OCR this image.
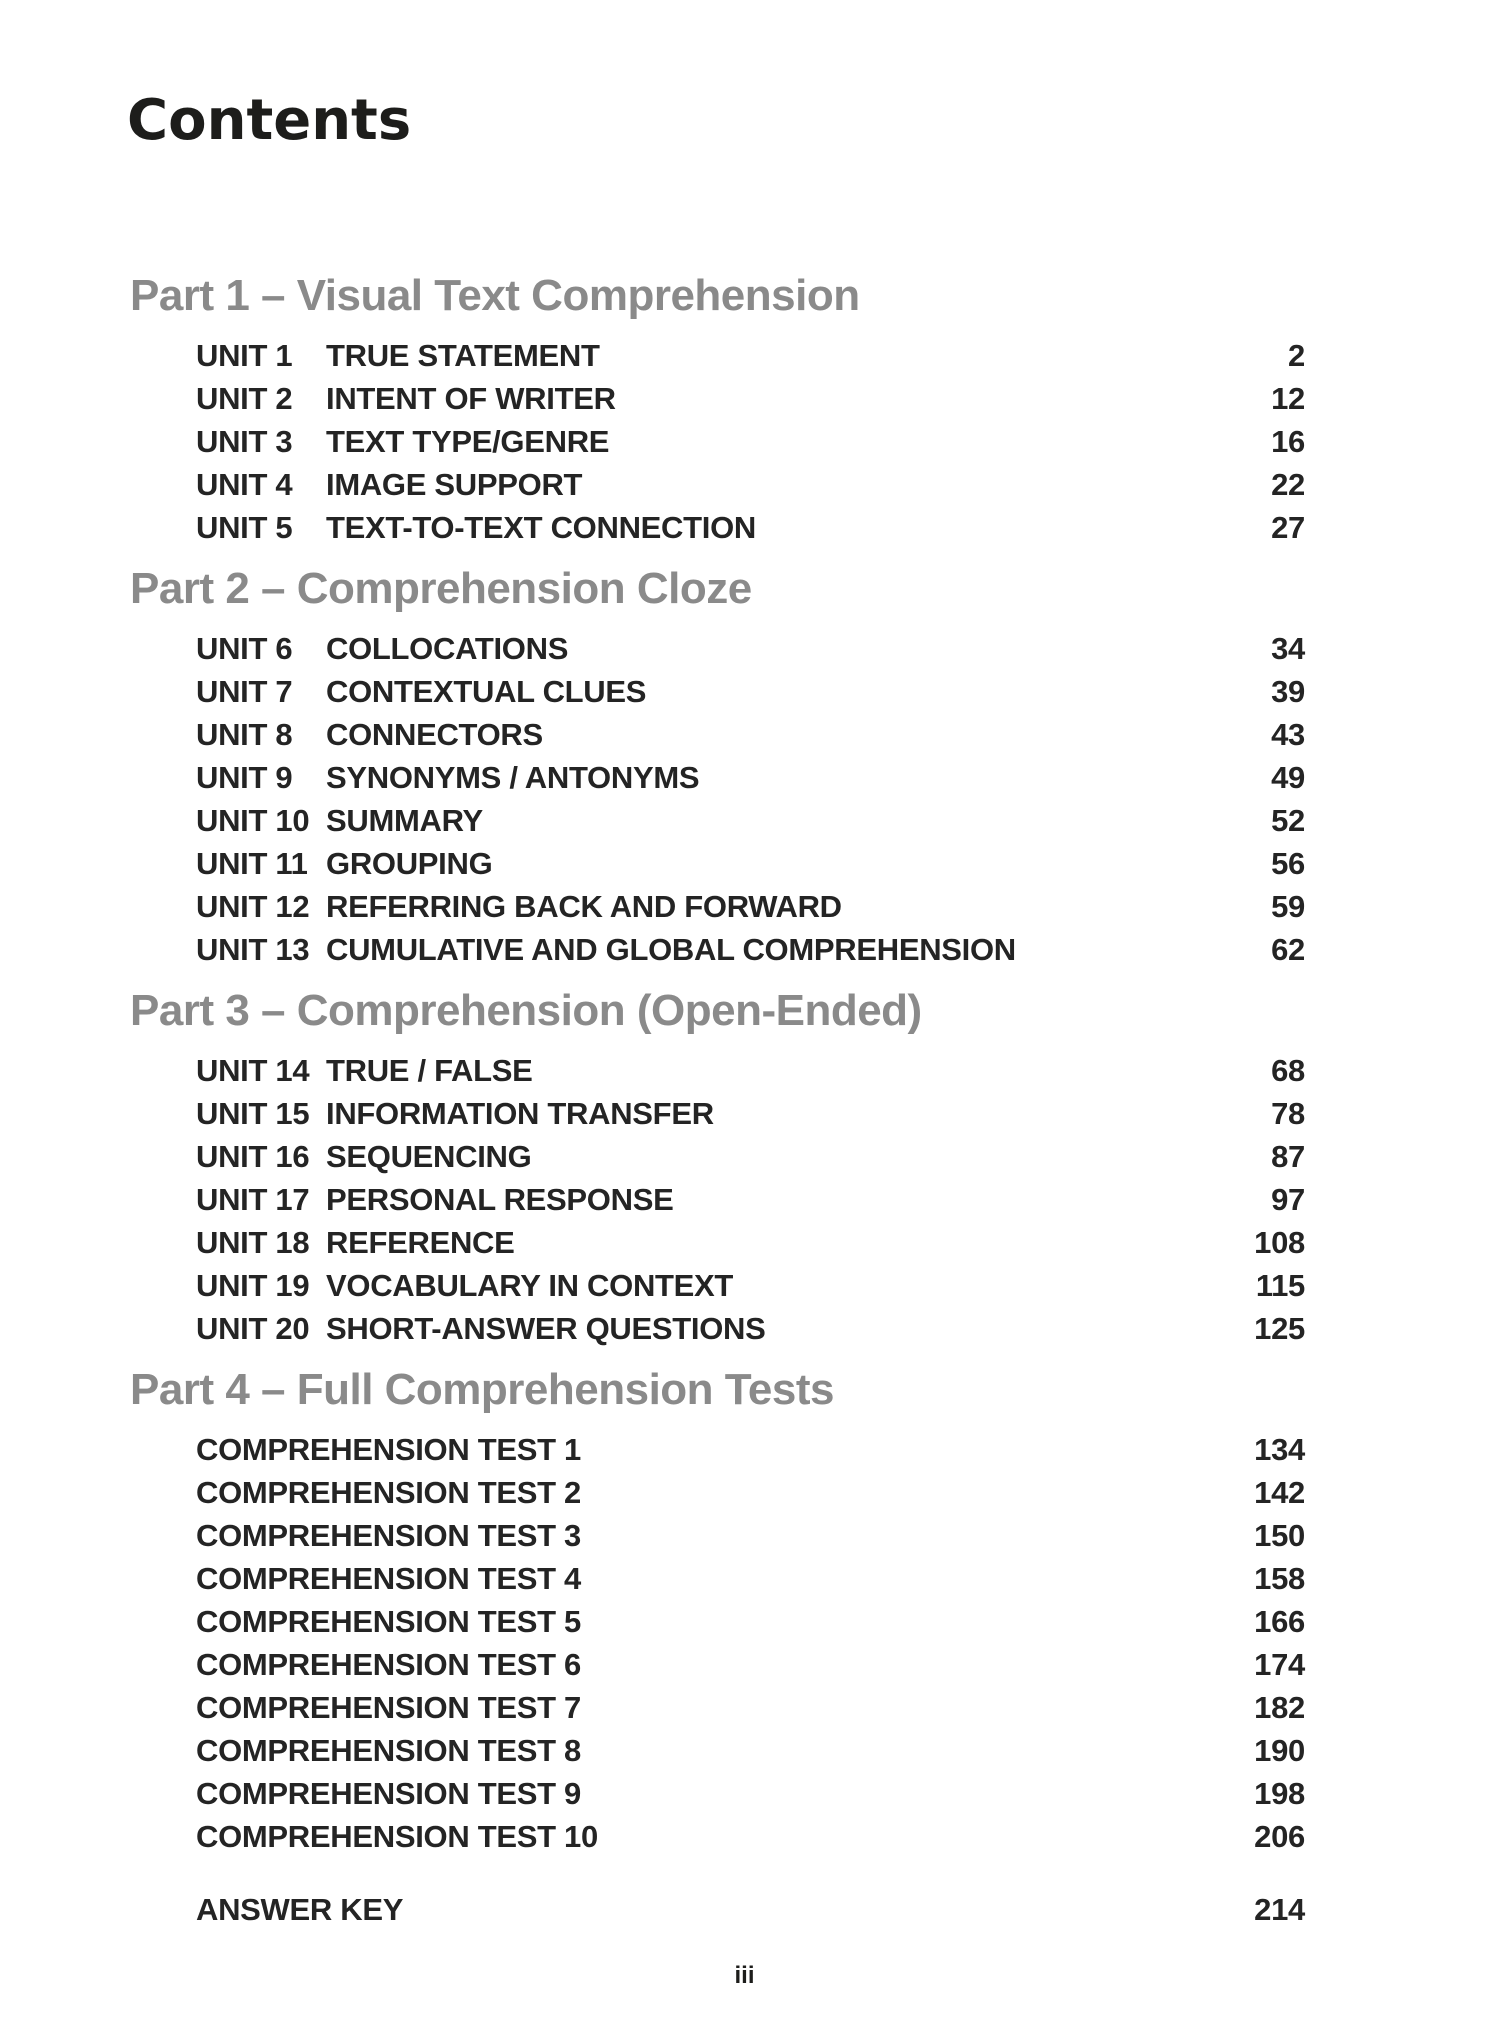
Contents
Part 1 – Visual Text Comprehension
UNIT 1	TRUE STATEMENT	2
UNIT 2	INTENT OF WRITER	12
UNIT 3	TEXT TYPE/GENRE	16
UNIT 4	IMAGE SUPPORT	22
UNIT 5	TEXT-TO-TEXT CONNECTION	27
Part 2 – Comprehension Cloze
UNIT 6	COLLOCATIONS	34
UNIT 7	CONTEXTUAL CLUES	39
UNIT 8	CONNECTORS	43
UNIT 9	SYNONYMS / ANTONYMS	49
UNIT 10 SUMMARY	52
UNIT 11 GROUPING	56
UNIT 12 REFERRING BACK AND FORWARD	59
UNIT 13 CUMULATIVE AND GLOBAL COMPREHENSION	62
Part 3 – Comprehension (Open-Ended)
UNIT 14 TRUE / FALSE	68
UNIT 15 INFORMATION TRANSFER	78
UNIT 16 SEQUENCING	87
UNIT 17 PERSONAL RESPONSE	97
UNIT 18 REFERENCE	108
UNIT 19 VOCABULARY IN CONTEXT	115
UNIT 20 SHORT-ANSWER QUESTIONS	125
Part 4 – Full Comprehension Tests
COMPREHENSION TEST 1	134
COMPREHENSION TEST 2	142
COMPREHENSION TEST 3	150
COMPREHENSION TEST 4	158
COMPREHENSION TEST 5	166
COMPREHENSION TEST 6	174
COMPREHENSION TEST 7	182
COMPREHENSION TEST 8	190
COMPREHENSION TEST 9	198
COMPREHENSION TEST 10	206
ANSWER KEY	214
iii
